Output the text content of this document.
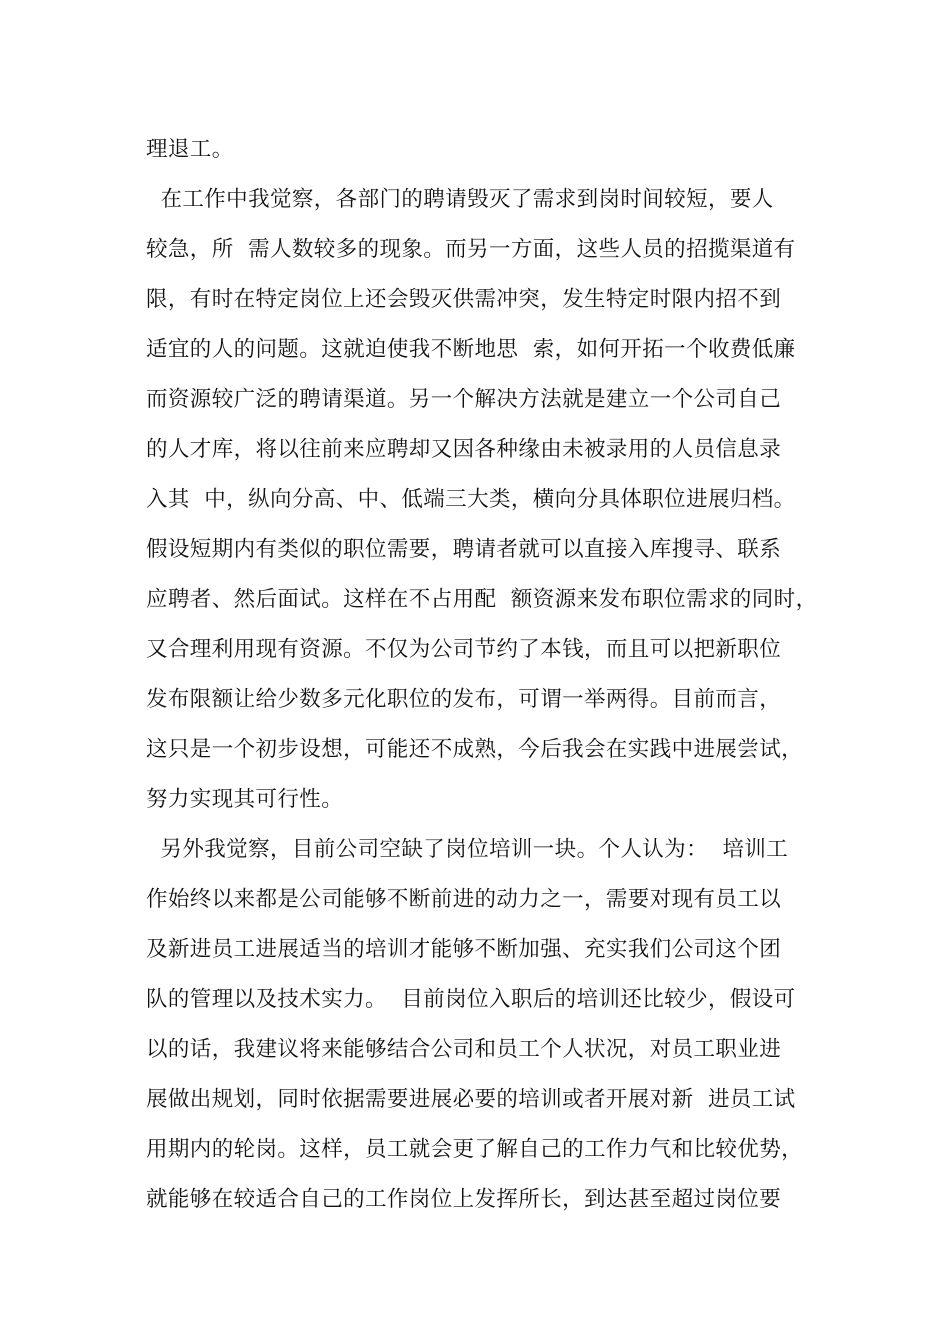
理退工。
在工作中我觉察，各部门的聘请毁灭了需求到岗时间较短，要人
较急，所  需人数较多的现象。而另一方面，这些人员的招揽渠道有
限，有时在特定岗位上还会毁灭供需冲突，发生特定时限内招不到
适宜的人的问题。这就迫使我不断地思  索，如何开拓一个收费低廉
而资源较广泛的聘请渠道。另一个解决方法就是建立一个公司自己
的人才库，将以往前来应聘却又因各种缘由未被录用的人员信息录
入其  中，纵向分高、中、低端三大类，横向分具体职位进展归档。
假设短期内有类似的职位需要，聘请者就可以直接入库搜寻、联系
应聘者、然后面试。这样在不占用配  额资源来发布职位需求的同时，
又合理利用现有资源。不仅为公司节约了本钱，而且可以把新职位
发布限额让给少数多元化职位的发布，可谓一举两得。目前而言，
这只是一个初步设想，可能还不成熟，今后我会在实践中进展尝试，
努力实现其可行性。
另外我觉察，目前公司空缺了岗位培训一块。个人认为：  培训工
作始终以来都是公司能够不断前进的动力之一，需要对现有员工以
及新进员工进展适当的培训才能够不断加强、充实我们公司这个团
队的管理以及技术实力。  目前岗位入职后的培训还比较少，假设可
以的话，我建议将来能够结合公司和员工个人状况，对员工职业进
展做出规划，同时依据需要进展必要的培训或者开展对新  进员工试
用期内的轮岗。这样，员工就会更了解自己的工作力气和比较优势，
就能够在较适合自己的工作岗位上发挥所长，到达甚至超过岗位要
